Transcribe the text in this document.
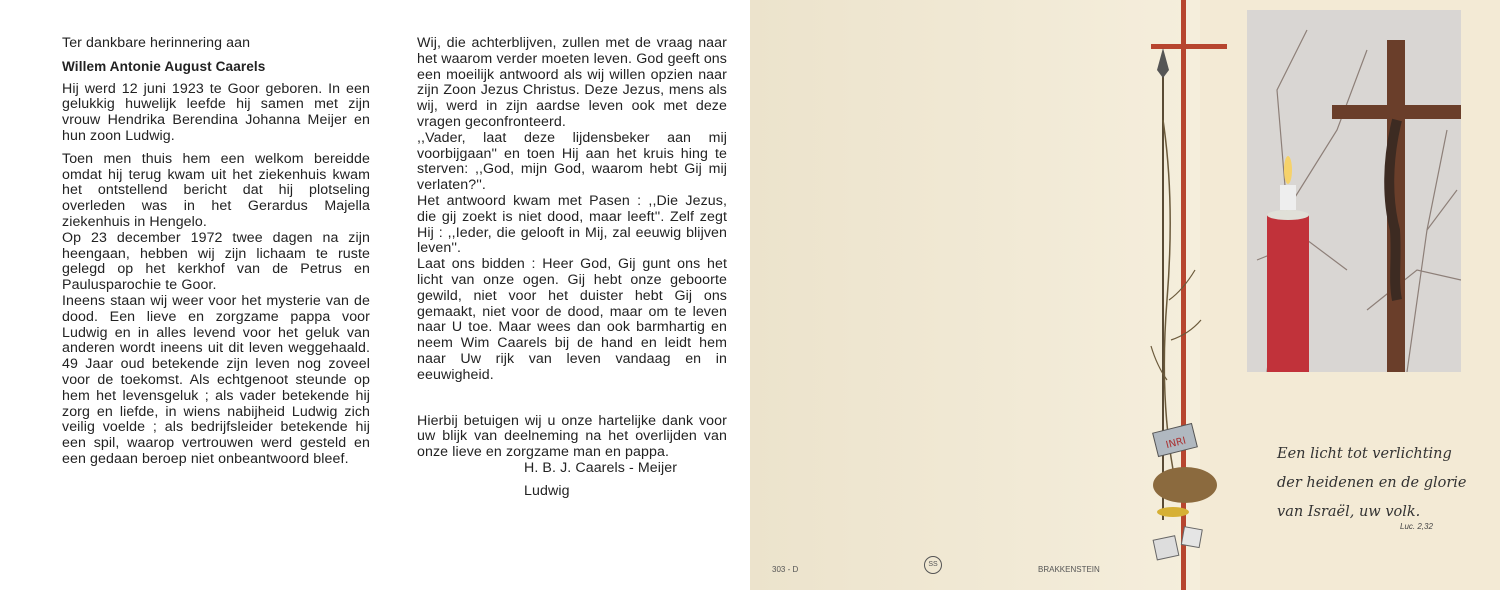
Ter dankbare herinnering aan

Willem Antonie August Caarels

Hij werd 12 juni 1923 te Goor geboren. In een gelukkig huwelijk leefde hij samen met zijn vrouw Hendrika Berendina Johanna Meijer en hun zoon Ludwig.

Toen men thuis hem een welkom bereidde omdat hij terug kwam uit het ziekenhuis kwam het ontstellend bericht dat hij plotseling overleden was in het Gerardus Majella ziekenhuis in Hengelo.

Op 23 december 1972 twee dagen na zijn heengaan, hebben wij zijn lichaam te ruste gelegd op het kerkhof van de Petrus en Paulusparochie te Goor.

Ineens staan wij weer voor het mysterie van de dood. Een lieve en zorgzame pappa voor Ludwig en in alles levend voor het geluk van anderen wordt ineens uit dit leven weggehaald. 49 Jaar oud betekende zijn leven nog zoveel voor de toekomst. Als echtgenoot steunde op hem het levensgeluk ; als vader betekende hij zorg en liefde, in wiens nabijheid Ludwig zich veilig voelde ; als bedrijfsleider betekende hij een spil, waarop vertrouwen werd gesteld en een gedaan beroep niet onbeantwoord bleef.

Wij, die achterblijven, zullen met de vraag naar het waarom verder moeten leven. God geeft ons een moeilijk antwoord als wij willen opzien naar zijn Zoon Jezus Christus. Deze Jezus, mens als wij, werd in zijn aardse leven ook met deze vragen geconfronteerd.

,,Vader, laat deze lijdensbeker aan mij voorbijgaan'' en toen Hij aan het kruis hing te sterven: ,,God, mijn God, waarom hebt Gij mij verlaten?''.

Het antwoord kwam met Pasen : ,,Die Jezus, die gij zoekt is niet dood, maar leeft''. Zelf zegt Hij : ,,Ieder, die gelooft in Mij, zal eeuwig blijven leven''.

Laat ons bidden : Heer God, Gij gunt ons het licht van onze ogen. Gij hebt onze geboorte gewild, niet voor het duister hebt Gij ons gemaakt, niet voor de dood, maar om te leven naar U toe. Maar wees dan ook barmhartig en neem Wim Caarels bij de hand en leidt hem naar Uw rijk van leven vandaag en in eeuwigheid.

Hierbij betuigen wij u onze hartelijke dank voor uw blijk van deelneming na het overlijden van onze lieve en zorgzame man en pappa.

H. B. J. Caarels - Meijer

Ludwig

INRI
Een licht tot verlichting
der heidenen en de glorie
van Israël, uw volk.
Luc. 2,32
303 - D
SS
BRAKKENSTEIN
